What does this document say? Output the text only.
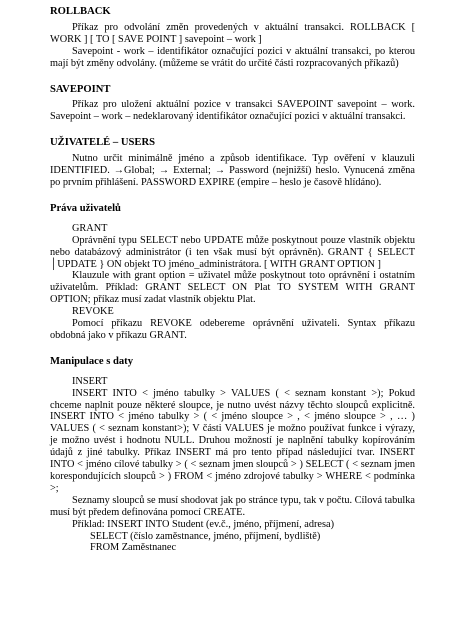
ROLLBACK

Příkaz pro odvolání změn provedených v aktuální transakci. ROLLBACK [ WORK ] [ TO [ SAVE POINT ] savepoint – work ]

Savepoint - work – identifikátor označující pozici v aktuální transakci, po kterou mají být změny odvolány. (můžeme se vrátit do určité části rozpracovaných příkazů)

SAVEPOINT

Příkaz pro uložení aktuální pozice v transakci SAVEPOINT savepoint – work. Savepoint – work – nedeklarovaný identifikátor označující pozici v aktuální transakci.

UŽIVATELÉ – USERS

Nutno určit minimálně jméno a způsob identifikace. Typ ověření v klauzuli IDENTIFIED. →Global; → External; → Password (nejnižší) heslo. Vynucená změna po prvním přihlášení. PASSWORD EXPIRE (empire – heslo je časově hlídáno).

Práva uživatelů

GRANT

Oprávnění typu SELECT nebo UPDATE může poskytnout pouze vlastník objektu nebo databázový administrátor (i ten však musí být oprávněn). GRANT { SELECT │UPDATE } ON objekt TO jméno_administrátora. [ WITH GRANT OPTION ]

Klauzule with grant option = uživatel může poskytnout toto oprávnění i ostatním uživatelům. Příklad: GRANT SELECT ON Plat TO SYSTEM WITH GRANT OPTION; příkaz musí zadat vlastník objektu Plat.

REVOKE

Pomocí příkazu REVOKE odebereme oprávnění uživateli. Syntax příkazu obdobná jako v příkazu GRANT.

Manipulace s daty

INSERT

INSERT INTO < jméno tabulky > VALUES ( < seznam konstant >); Pokud chceme naplnit pouze některé sloupce, je nutno uvést názvy těchto sloupců explicitně. INSERT INTO < jméno tabulky > ( < jméno sloupce > , < jméno sloupce > , … ) VALUES ( < seznam konstant>); V části VALUES je možno používat funkce i výrazy, je možno uvést i hodnotu NULL. Druhou možností je naplnění tabulky kopírováním údajů z jiné tabulky. Příkaz INSERT má pro tento případ následující tvar. INSERT INTO < jméno cílové tabulky > ( < seznam jmen sloupců > ) SELECT ( < seznam jmen korespondujících sloupců > ) FROM < jméno zdrojové tabulky > WHERE < podmínka >;

Seznamy sloupců se musí shodovat jak po stránce typu, tak v počtu. Cílová tabulka musí být předem definována pomocí CREATE.

Příklad: INSERT INTO Student (ev.č., jméno, příjmení, adresa)

SELECT (číslo zaměstnance, jméno, příjmení, bydliště)

FROM Zaměstnanec
